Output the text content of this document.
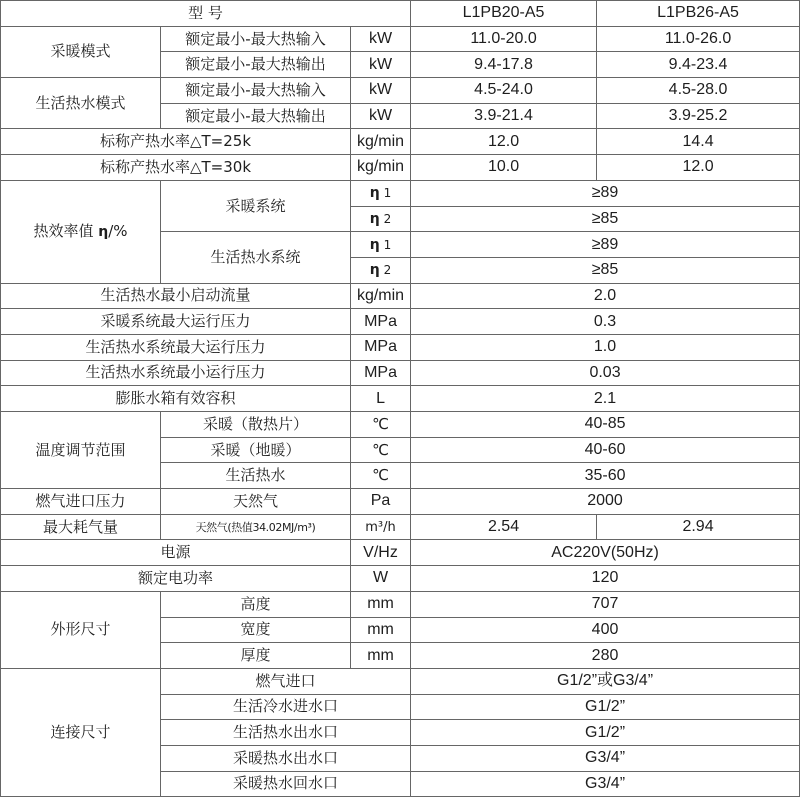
型 号			L1PB20-A5	L1PB26-A5
采暖模式	额定最小-最大热输入	kW	11.0-20.0	11.0-26.0
	额定最小-最大热输出	kW	9.4-17.8	9.4-23.4
生活热水模式	额定最小-最大热输入	kW	4.5-24.0	4.5-28.0
	额定最小-最大热输出	kW	3.9-21.4	3.9-25.2
标称产热水率△T=25k		kg/min	12.0	14.4
标称产热水率△T=30k		kg/min	10.0	12.0
热效率值 η/%	采暖系统	η 1	≥89	
		η 2	≥85	
	生活热水系统	η 1	≥89	
		η 2	≥85	
生活热水最小启动流量		kg/min	2.0	
采暖系统最大运行压力		MPa	0.3	
生活热水系统最大运行压力		MPa	1.0	
生活热水系统最小运行压力		MPa	0.03	
膨胀水箱有效容积		L	2.1	
温度调节范围	采暖（散热片）	℃	40-85	
	采暖（地暖）	℃	40-60	
	生活热水	℃	35-60	
燃气进口压力	天然气	Pa	2000	
最大耗气量	天然气(热值34.02MJ/m³)	m³/h	2.54	2.94
电源		V/Hz	AC220V(50Hz)	
额定电功率		W	120	
外形尺寸	高度	mm	707	
	宽度	mm	400	
	厚度	mm	280	
连接尺寸	燃气进口		G1/2”或G3/4”	
	生活冷水进水口		G1/2”	
	生活热水出水口		G1/2”	
	采暖热水出水口		G3/4”	
	采暖热水回水口		G3/4”	
